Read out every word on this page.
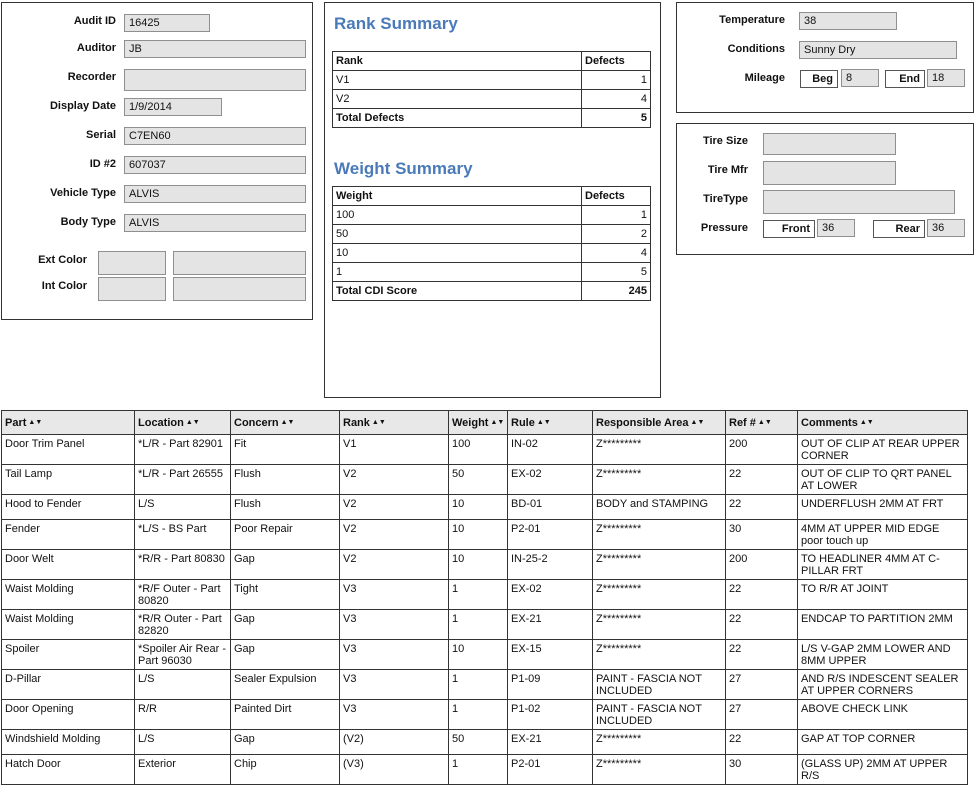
Audit ID	16425
Auditor	JB
Recorder
Display Date	1/9/2014
Serial	C7EN60
ID #2	607037
Vehicle Type	ALVIS
Body Type	ALVIS
Ext Color
Int Color
Rank Summary
Rank	Defects
V1	1
V2	4
Total Defects	5
Weight Summary
Weight	Defects
100	1
50	2
10	4
1	5
Total CDI Score	245
Temperature	38
Conditions	Sunny Dry
Mileage	Beg	8	End	18
Tire Size
Tire Mfr
TireType
Pressure	Front	36	Rear	36
Part ▲▼	Location ▲▼	Concern ▲▼	Rank ▲▼	Weight ▲▼	Rule ▲▼	Responsible Area ▲▼	Ref # ▲▼	Comments ▲▼
Door Trim Panel	*L/R - Part 82901	Fit	V1	100	IN-02	Z*********	200	OUT OF CLIP AT REAR UPPER CORNER
Tail Lamp	*L/R - Part 26555	Flush	V2	50	EX-02	Z*********	22	OUT OF CLIP TO QRT PANEL AT LOWER
Hood to Fender	L/S	Flush	V2	10	BD-01	BODY and STAMPING	22	UNDERFLUSH 2MM AT FRT
Fender	*L/S - BS Part	Poor Repair	V2	10	P2-01	Z*********	30	4MM AT UPPER MID EDGE poor touch up
Door Welt	*R/R - Part 80830	Gap	V2	10	IN-25-2	Z*********	200	TO HEADLINER 4MM AT C-PILLAR FRT
Waist Molding	*R/F Outer - Part 80820	Tight	V3	1	EX-02	Z*********	22	TO R/R AT JOINT
Waist Molding	*R/R Outer - Part 82820	Gap	V3	1	EX-21	Z*********	22	ENDCAP TO PARTITION 2MM
Spoiler	*Spoiler Air Rear - Part 96030	Gap	V3	10	EX-15	Z*********	22	L/S V-GAP 2MM LOWER AND 8MM UPPER
D-Pillar	L/S	Sealer Expulsion	V3	1	P1-09	PAINT - FASCIA NOT INCLUDED	27	AND R/S INDESCENT SEALER AT UPPER CORNERS
Door Opening	R/R	Painted Dirt	V3	1	P1-02	PAINT - FASCIA NOT INCLUDED	27	ABOVE CHECK LINK
Windshield Molding	L/S	Gap	(V2)	50	EX-21	Z*********	22	GAP AT TOP CORNER
Hatch Door	Exterior	Chip	(V3)	1	P2-01	Z*********	30	(GLASS UP) 2MM AT UPPER R/S
